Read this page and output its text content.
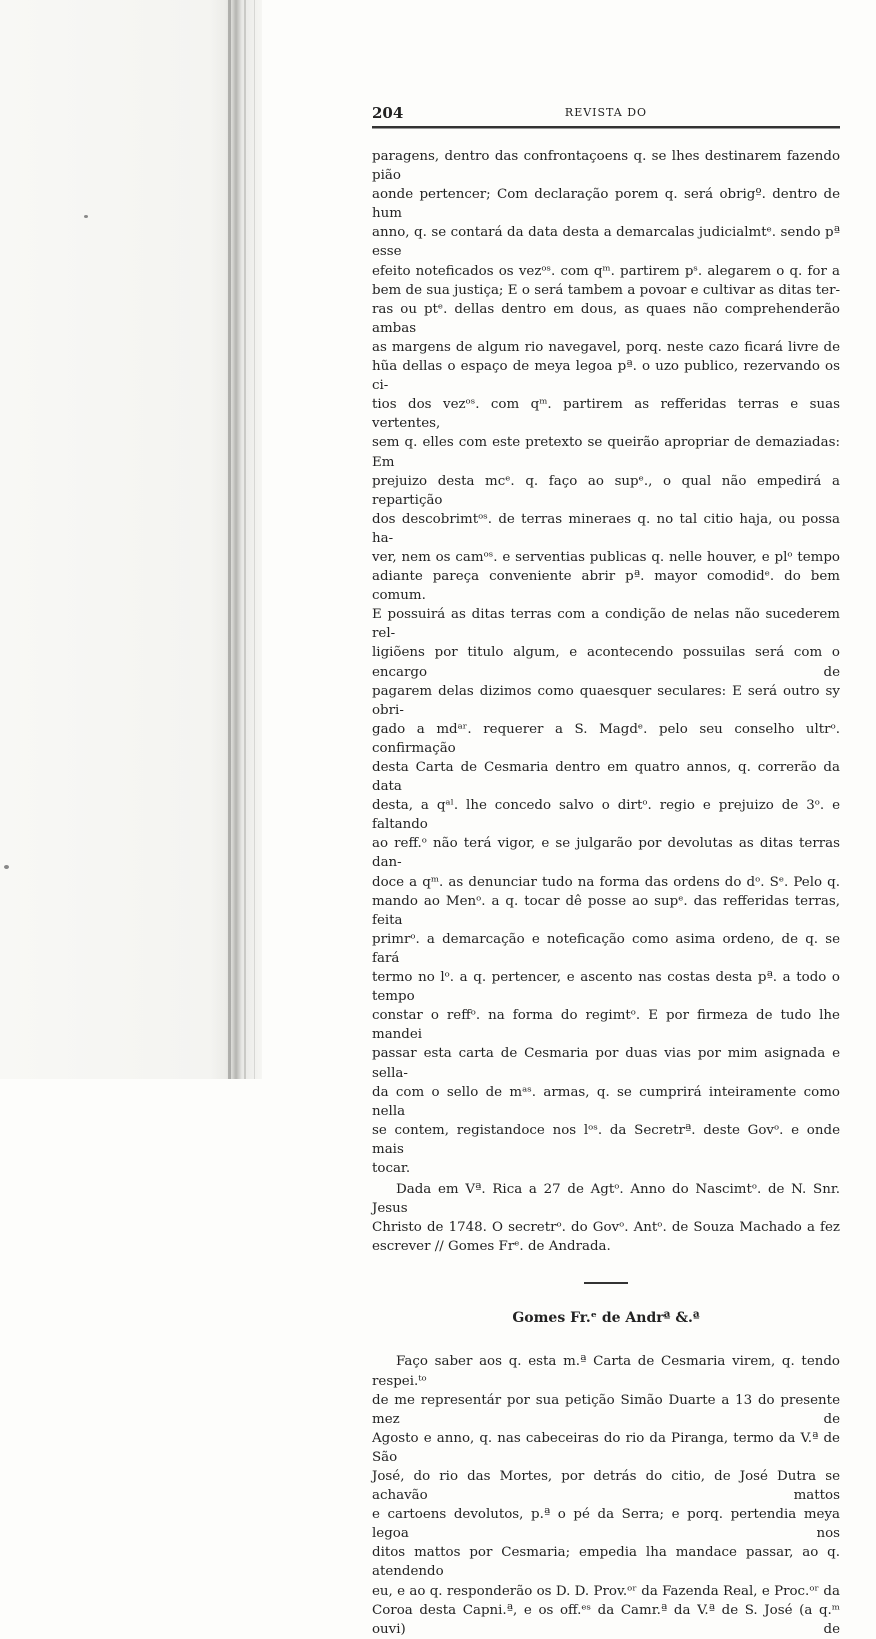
204	REVISTA DO

paragens, dentro das confrontaçoens q. se lhes destinarem fazendo pião
aonde pertencer; Com declaração porem q. será obrigº. dentro de hum
anno, q. se contará da data desta a demarcalas judicialmtᵉ. sendo pª esse
efeito noteficados os vezᵒˢ. com qᵐ. partirem pˢ. alegarem o q. for a
bem de sua justiça; E o será tambem a povoar e cultivar as ditas ter-
ras ou ptᵉ. dellas dentro em dous, as quaes não comprehenderão ambas
as margens de algum rio navegavel, porq. neste cazo ficará livre de
hũa dellas o espaço de meya legoa pª. o uzo publico, rezervando os ci-
tios dos vezᵒˢ. com qᵐ. partirem as refferidas terras e suas vertentes,
sem q. elles com este pretexto se queirão apropriar de demaziadas: Em
prejuizo desta mcᵉ. q. faço ao supᵉ., o qual não empedirá a repartição
dos descobrimtᵒˢ. de terras mineraes q. no tal citio haja, ou possa ha-
ver, nem os camᵒˢ. e serventias publicas q. nelle houver, e plᵒ tempo
adiante pareça conveniente abrir pª. mayor comodidᵉ. do bem comum.
E possuirá as ditas terras com a condição de nelas não sucederem rel-
ligiõens por titulo algum, e acontecendo possuilas será com o encargo de
pagarem delas dizimos como quaesquer seculares: E será outro sy obri-
gado a mdᵃʳ. requerer a S. Magdᵉ. pelo seu conselho ultrᵒ. confirmação
desta Carta de Cesmaria dentro em quatro annos, q. correrão da data
desta, a qᵃˡ. lhe concedo salvo o dirtᵒ. regio e prejuizo de 3ᵒ. e faltando
ao reff.ᵒ não terá vigor, e se julgarão por devolutas as ditas terras dan-
doce a qᵐ. as denunciar tudo na forma das ordens do dᵒ. Sᵉ. Pelo q.
mando ao Menᵒ. a q. tocar dê posse ao supᵉ. das refferidas terras, feita
primrᵒ. a demarcação e noteficação como asima ordeno, de q. se fará
termo no lᵒ. a q. pertencer, e ascento nas costas desta pª. a todo o tempo
constar o reffᵒ. na forma do regimtᵒ. E por firmeza de tudo lhe mandei
passar esta carta de Cesmaria por duas vias por mim asignada e sella-
da com o sello de mᵃˢ. armas, q. se cumprirá inteiramente como nella
se contem, registandoce nos lᵒˢ. da Secretrª. deste Govᵒ. e onde mais
tocar.

Dada em Vª. Rica a 27 de Agtᵒ. Anno do Nascimtᵒ. de N. Snr. Jesus
Christo de 1748. O secretrᵒ. do Govᵒ. Antᵒ. de Souza Machado a fez
escrever // Gomes Frᵉ. de Andrada.

Gomes Fr.ᵉ de Andrª &.ª
Faço saber aos q. esta m.ª Carta de Cesmaria virem, q. tendo respei.ᵗᵒ
de me representár por sua petição Simão Duarte a 13 do presente mez de
Agosto e anno, q. nas cabeceiras do rio da Piranga, termo da V.ª de São
José, do rio das Mortes, por detrás do citio, de José Dutra se achavão mattos
e cartoens devolutos, p.ª o pé da Serra; e porq. pertendia meya legoa nos
ditos mattos por Cesmaria; empedia lha mandace passar, ao q. atendendo
eu, e ao q. responderão os D. D. Prov.ᵒʳ da Fazenda Real, e Proc.ᵒʳ da
Coroa desta Capni.ª, e os off.ᵉˢ da Camr.ª da V.ª de S. José (a q.ᵐ ouvi) de
